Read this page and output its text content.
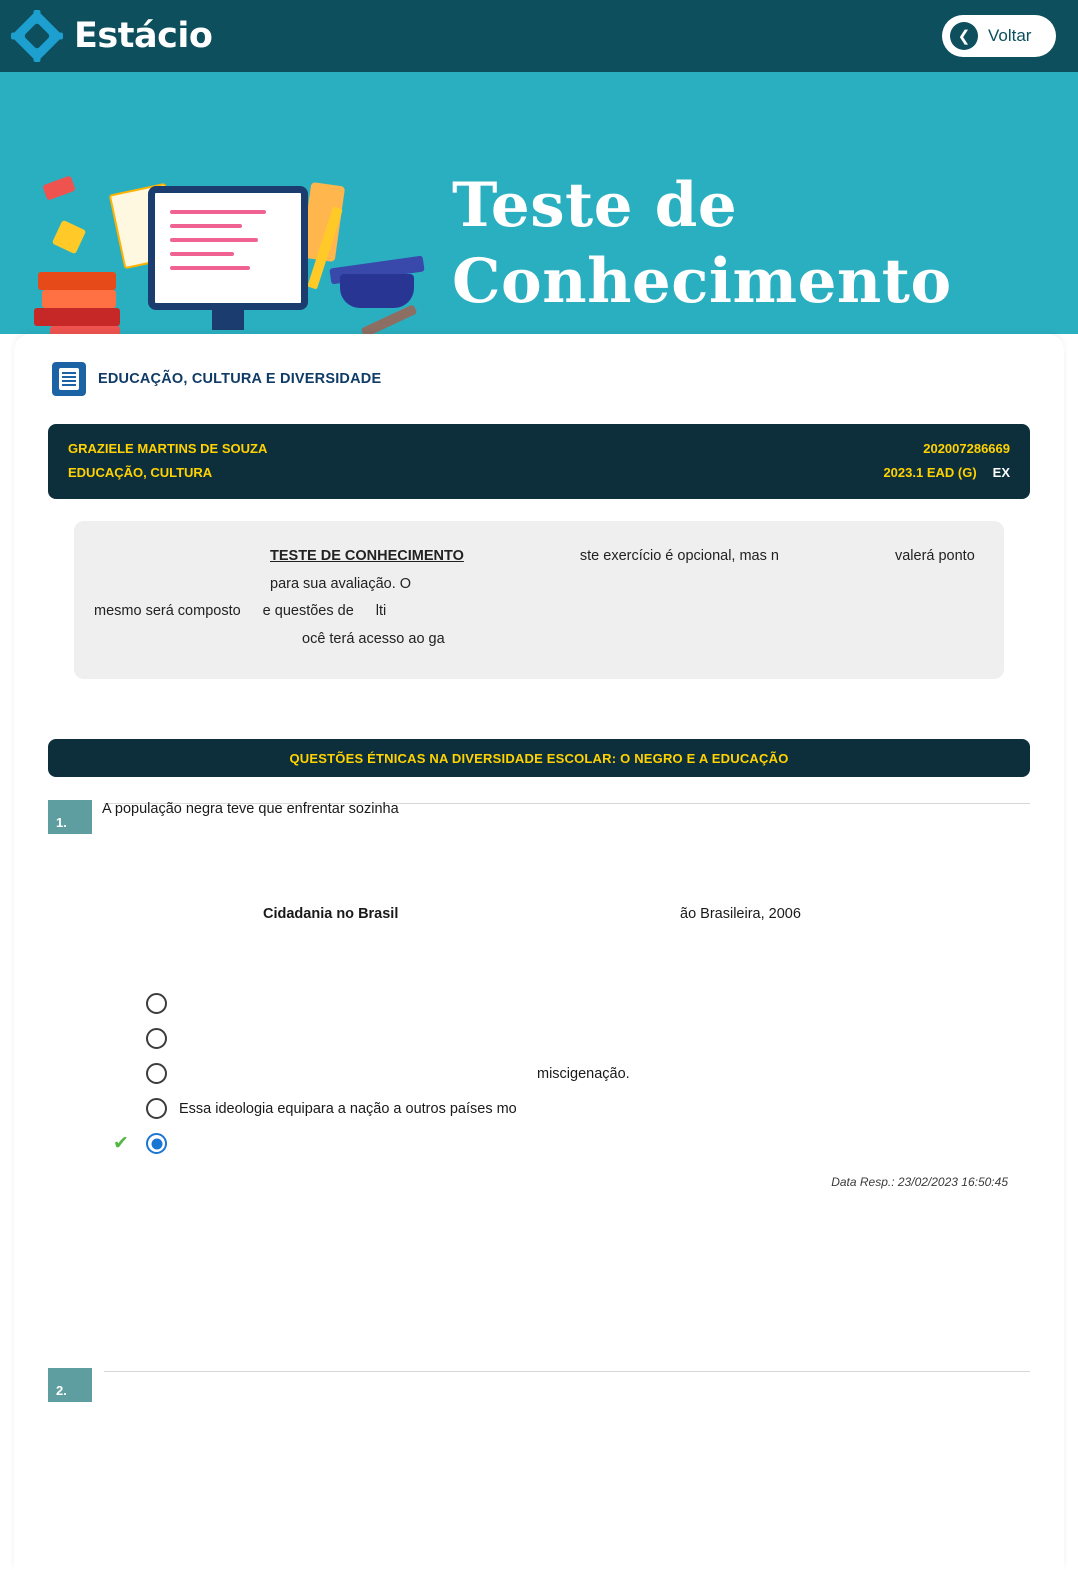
Estácio	❮	Voltar
Teste de
Conhecimento
EDUCAÇÃO, CULTURA E DIVERSIDADE
GRAZIELE MARTINS DE SOUZA	202007286669
EDUCAÇÃO, CULTURA	2023.1 EAD (G) EX
TESTE DE CONHECIMENTO	ste exercício é opcional, mas n	valerá ponto para sua avaliação. O
mesmo será composto e questões de lti
ocê terá acesso ao ga
QUESTÕES ÉTNICAS NA DIVERSIDADE ESCOLAR: O NEGRO E A EDUCAÇÃO
1.
A população negra teve que enfrentar sozinha
Cidadania no Brasil	ão Brasileira, 2006
miscigenação.
Essa ideologia equipara a nação a outros países mo
✔
Data Resp.: 23/02/2023 16:50:45
2.
